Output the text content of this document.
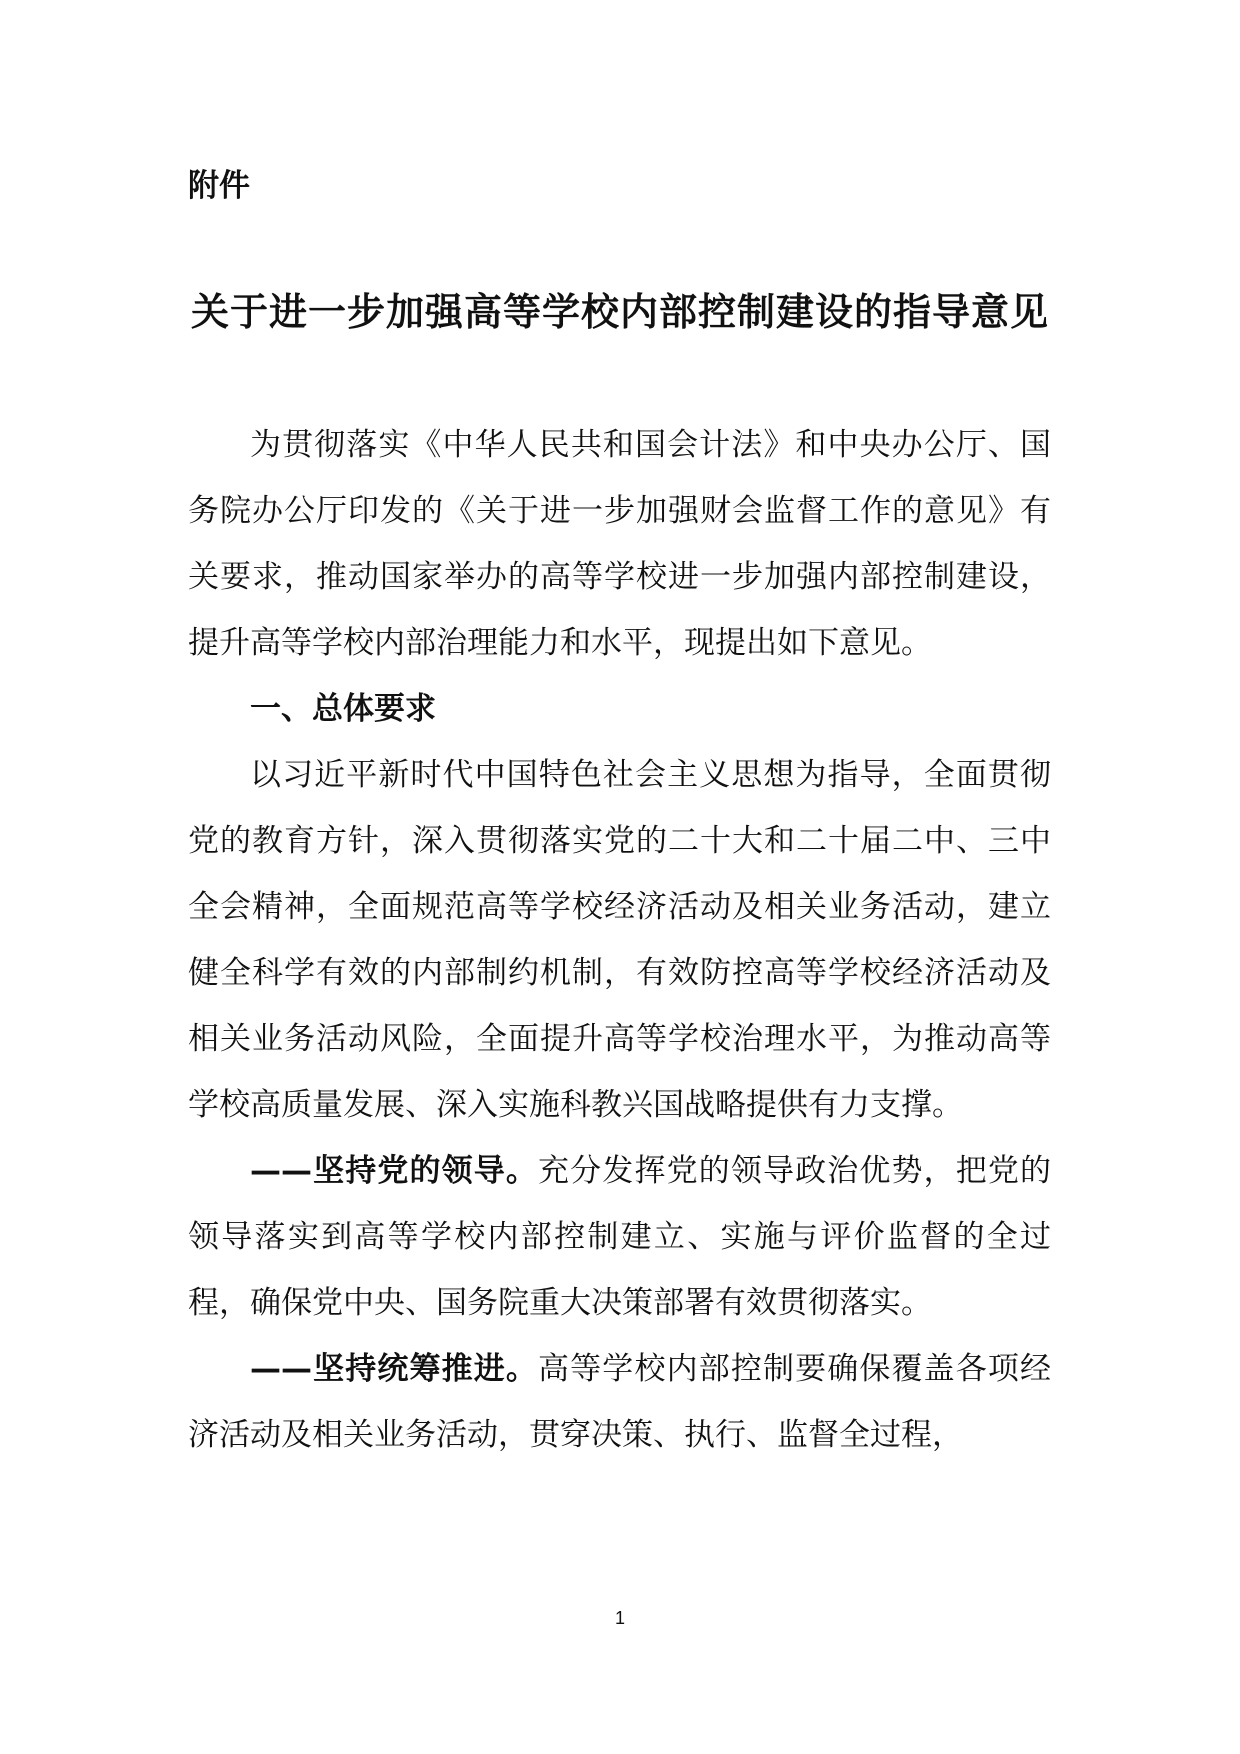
附件
关于进一步加强高等学校内部控制建设的指导意见

为贯彻落实《中华人民共和国会计法》和中央办公厅、国务院办公厅印发的《关于进一步加强财会监督工作的意见》有关要求，推动国家举办的高等学校进一步加强内部控制建设，提升高等学校内部治理能力和水平，现提出如下意见。

一、总体要求

以习近平新时代中国特色社会主义思想为指导，全面贯彻党的教育方针，深入贯彻落实党的二十大和二十届二中、三中全会精神，全面规范高等学校经济活动及相关业务活动，建立健全科学有效的内部制约机制，有效防控高等学校经济活动及相关业务活动风险，全面提升高等学校治理水平，为推动高等学校高质量发展、深入实施科教兴国战略提供有力支撑。

——坚持党的领导。充分发挥党的领导政治优势，把党的领导落实到高等学校内部控制建立、实施与评价监督的全过程，确保党中央、国务院重大决策部署有效贯彻落实。

——坚持统筹推进。高等学校内部控制要确保覆盖各项经济活动及相关业务活动，贯穿决策、执行、监督全过程，

1
